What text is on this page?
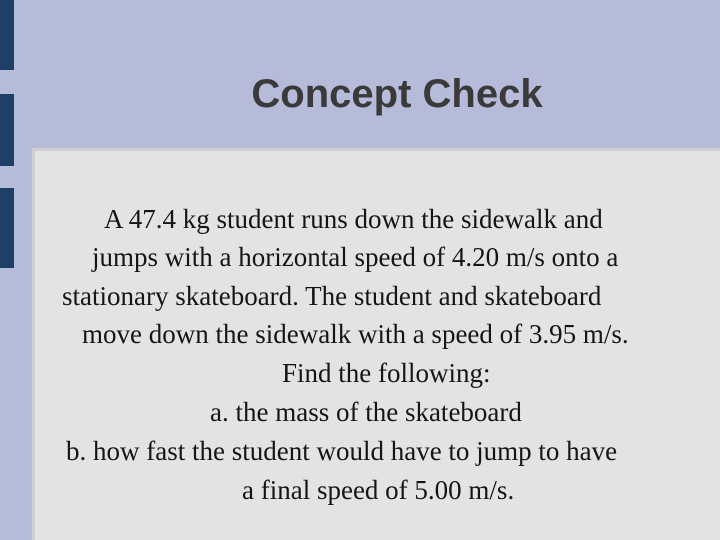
Concept Check
A 47.4 kg student runs down the sidewalk and
jumps with a horizontal speed of 4.20 m/s onto a
stationary skateboard. The student and skateboard
move down the sidewalk with a speed of 3.95 m/s.
Find the following:
a. the mass of the skateboard
b. how fast the student would have to jump to have
a final speed of 5.00 m/s.
